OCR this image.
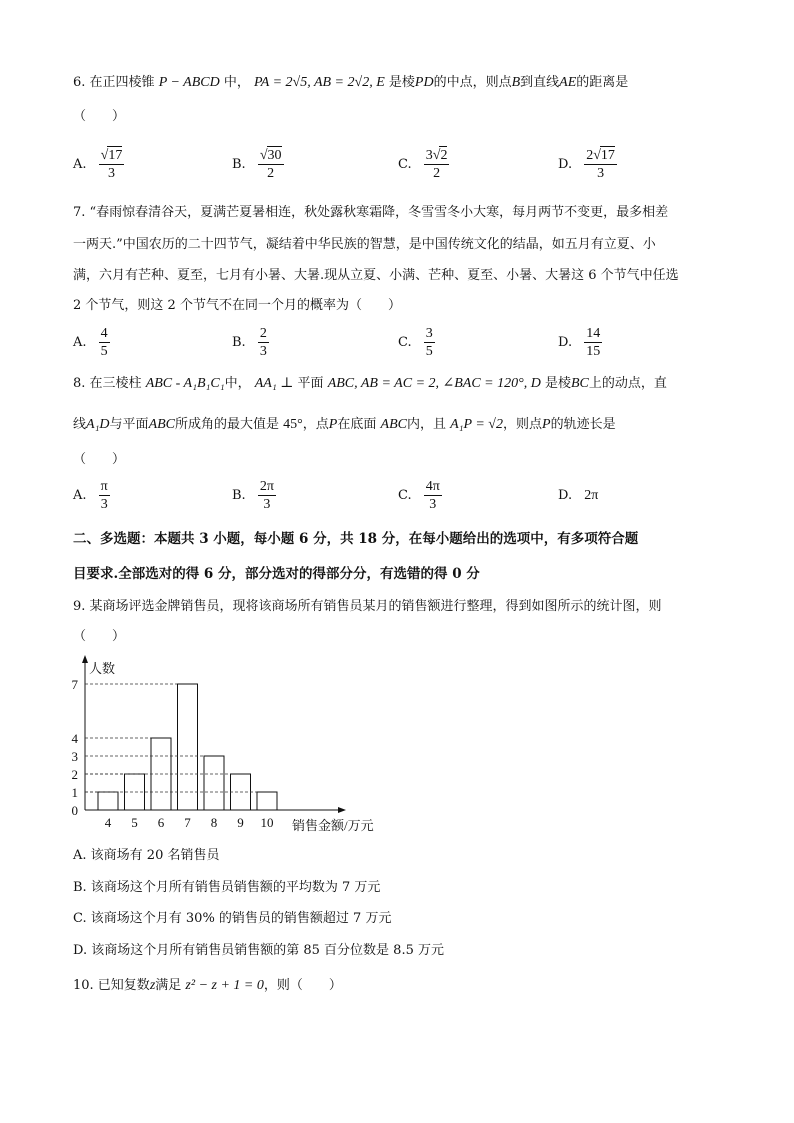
6. 在正四棱锥 P − ABCD 中， PA = 2√5, AB = 2√2, E 是棱PD的中点，则点B到直线AE的距离是
（　　）
A. $\frac{√17}{3}$	B. $\frac{√30}{2}$	C. $\frac{3√2}{2}$	D. $\frac{2√17}{3}$
7. “春雨惊春清谷天，夏满芒夏暑相连，秋处露秋寒霜降，冬雪雪冬小大寒，每月两节不变更，最多相差
一两天.”中国农历的二十四节气，凝结着中华民族的智慧，是中国传统文化的结晶，如五月有立夏、小
满，六月有芒种、夏至，七月有小暑、大暑.现从立夏、小满、芒种、夏至、小暑、大暑这 6 个节气中任选
2 个节气，则这 2 个节气不在同一个月的概率为（　　）
A. $\frac{4}{5}$	B. $\frac{2}{3}$	C. $\frac{3}{5}$	D. $\frac{14}{15}$
8. 在三棱柱 ABC - A₁B₁C₁中， AA₁ ⊥ 平面 ABC, AB = AC = 2, ∠BAC = 120°, D 是棱BC上的动点，直
线A₁D与平面ABC所成角的最大值是 45°，点P在底面 ABC内，且 A₁P = √2，则点P的轨迹长是
（　　）
A. $\frac{\pi}{3}$	B. $\frac{2\pi}{3}$	C. $\frac{4\pi}{3}$	D. 2π
二、多选题：本题共 3 小题，每小题 6 分，共 18 分，在每小题给出的选项中，有多项符合题
目要求.全部选对的得 6 分，部分选对的得部分分，有选错的得 0 分
9. 某商场评选金牌销售员，现将该商场所有销售员某月的销售额进行整理，得到如图所示的统计图，则
（　　）
4 5 6 7 8 9 10
0
1
2
3
4
7
人数
销售金额/万元
A. 该商场有 20 名销售员
B. 该商场这个月所有销售员销售额的平均数为 7 万元
C. 该商场这个月有 30% 的销售员的销售额超过 7 万元
D. 该商场这个月所有销售员销售额的第 85 百分位数是 8.5 万元
10. 已知复数z满足 z² − z + 1 = 0，则（　　）
